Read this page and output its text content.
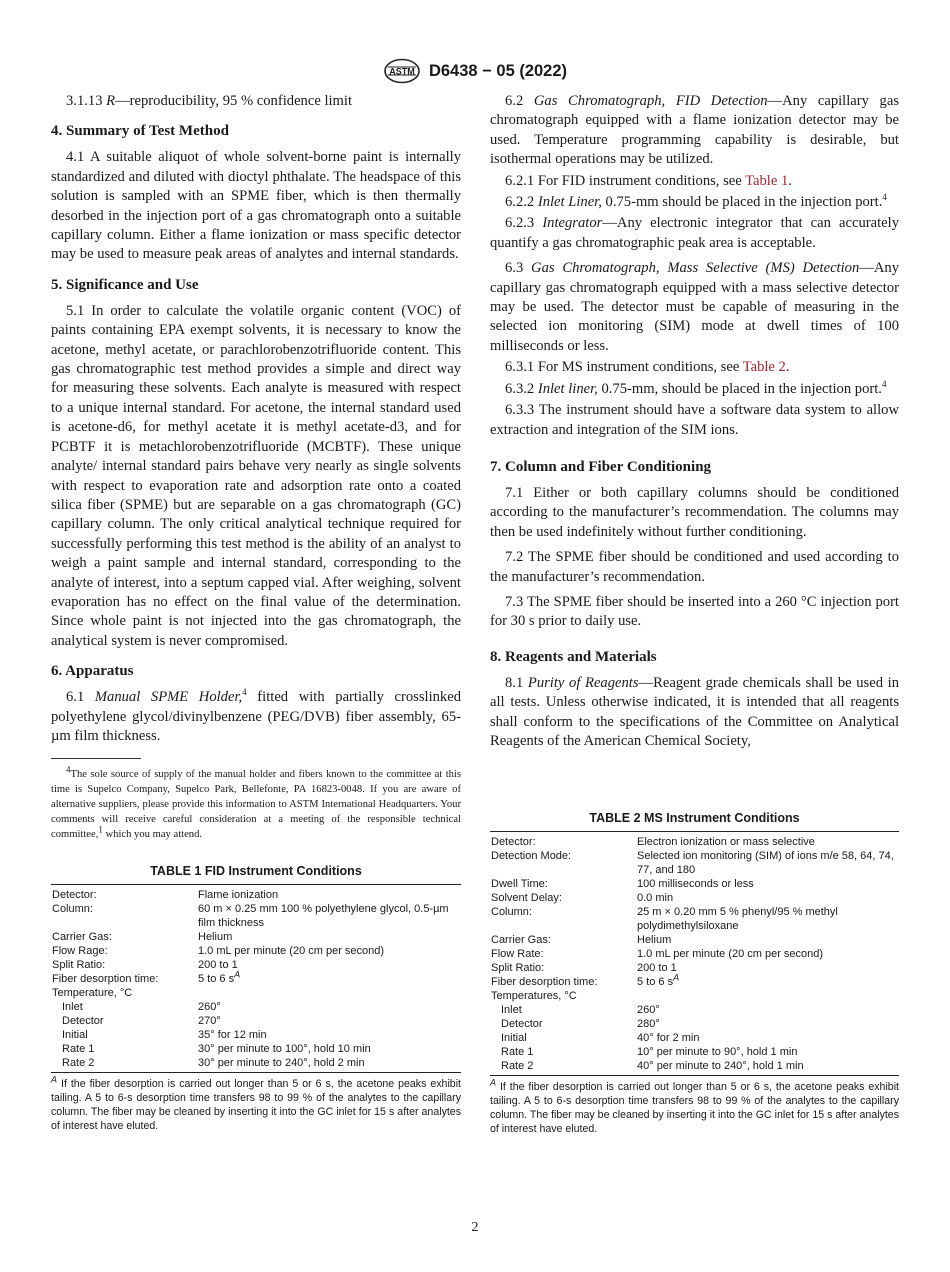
ASTM D6438 − 05 (2022)

3.1.13 R—reproducibility, 95 % confidence limit

4. Summary of Test Method

4.1 A suitable aliquot of whole solvent-borne paint is internally standardized and diluted with dioctyl phthalate. The headspace of this solution is sampled with an SPME fiber, which is then thermally desorbed in the injection port of a gas chromatograph onto a suitable capillary column. Either a flame ionization or mass specific detector may be used to measure peak areas of analytes and internal standards.

5. Significance and Use

5.1 In order to calculate the volatile organic content (VOC) of paints containing EPA exempt solvents, it is necessary to know the acetone, methyl acetate, or parachlorobenzotrifluoride content. This gas chromatographic test method provides a simple and direct way for measuring these solvents. Each analyte is measured with respect to a unique internal standard. For acetone, the internal standard used is acetone-d6, for methyl acetate it is methyl acetate-d3, and for PCBTF it is metachlorobenzotrifluoride (MCBTF). These unique analyte/ internal standard pairs behave very nearly as single solvents with respect to evaporation rate and adsorption rate onto a coated silica fiber (SPME) but are separable on a gas chromatograph (GC) capillary column. The only critical analytical technique required for successfully performing this test method is the ability of an analyst to weigh a paint sample and internal standard, corresponding to the analyte of interest, into a septum capped vial. After weighing, solvent evaporation has no effect on the final value of the determination. Since whole paint is not injected into the gas chromatograph, the analytical system is never compromised.

6. Apparatus

6.1 Manual SPME Holder,$^4$ fitted with partially crosslinked polyethylene glycol/divinylbenzene (PEG/DVB) fiber assembly, 65-µm film thickness.

$^4$The sole source of supply of the manual holder and fibers known to the committee at this time is Supelco Company, Supelco Park, Bellefonte, PA 16823-0048. If you are aware of alternative suppliers, please provide this information to ASTM International Headquarters. Your comments will receive careful consideration at a meeting of the responsible technical committee,$^1$ which you may attend.

TABLE 1 FID Instrument Conditions
Detector:	Flame ionization
Column:	60 m × 0.25 mm 100 % polyethylene glycol, 0.5-µm film thickness
Carrier Gas:	Helium
Flow Rage:	1.0 mL per minute (20 cm per second)
Split Ratio:	200 to 1
Fiber desorption time:	5 to 6 $s^A$
Temperature, °C	
Inlet	260°
Detector	270°
Initial	35° for 12 min
Rate 1	30° per minute to 100°, hold 10 min
Rate 2	30° per minute to 240°, hold 2 min

$^A$ If the fiber desorption is carried out longer than 5 or 6 s, the acetone peaks exhibit tailing. A 5 to 6-s desorption time transfers 98 to 99 % of the analytes to the capillary column. The fiber may be cleaned by inserting it into the GC inlet for 15 s after analytes of interest have eluted.

6.2 Gas Chromatograph, FID Detection—Any capillary gas chromatograph equipped with a flame ionization detector may be used. Temperature programming capability is desirable, but isothermal operations may be utilized.

6.2.1 For FID instrument conditions, see Table 1.

6.2.2 Inlet Liner, 0.75-mm should be placed in the injection port.$^4$

6.2.3 Integrator—Any electronic integrator that can accurately quantify a gas chromatographic peak area is acceptable.

6.3 Gas Chromatograph, Mass Selective (MS) Detection—Any capillary gas chromatograph equipped with a mass selective detector may be used. The detector must be capable of measuring in the selected ion monitoring (SIM) mode at dwell times of 100 milliseconds or less.

6.3.1 For MS instrument conditions, see Table 2.

6.3.2 Inlet liner, 0.75-mm, should be placed in the injection port.$^4$

6.3.3 The instrument should have a software data system to allow extraction and integration of the SIM ions.

7. Column and Fiber Conditioning

7.1 Either or both capillary columns should be conditioned according to the manufacturer’s recommendation. The columns may then be used indefinitely without further conditioning.

7.2 The SPME fiber should be conditioned and used according to the manufacturer’s recommendation.

7.3 The SPME fiber should be inserted into a 260 °C injection port for 30 s prior to daily use.

8. Reagents and Materials

8.1 Purity of Reagents—Reagent grade chemicals shall be used in all tests. Unless otherwise indicated, it is intended that all reagents shall conform to the specifications of the Committee on Analytical Reagents of the American Chemical Society,

TABLE 2 MS Instrument Conditions
Detector:	Electron ionization or mass selective
Detection Mode:	Selected ion monitoring (SIM) of ions m/e 58, 64, 74, 77, and 180
Dwell Time:	100 milliseconds or less
Solvent Delay:	0.0 min
Column:	25 m × 0.20 mm 5 % phenyl/95 % methyl polydimethylsiloxane
Carrier Gas:	Helium
Flow Rate:	1.0 mL per minute (20 cm per second)
Split Ratio:	200 to 1
Fiber desorption time:	5 to 6 $s^A$
Temperatures, °C	
Inlet	260°
Detector	280°
Initial	40° for 2 min
Rate 1	10° per minute to 90°, hold 1 min
Rate 2	40° per minute to 240°, hold 1 min

$^A$ If the fiber desorption is carried out longer than 5 or 6 s, the acetone peaks exhibit tailing. A 5 to 6-s desorption time transfers 98 to 99 % of the analytes to the capillary column. The fiber may be cleaned by inserting it into the GC inlet for 15 s after analytes of interest have eluted.

2
